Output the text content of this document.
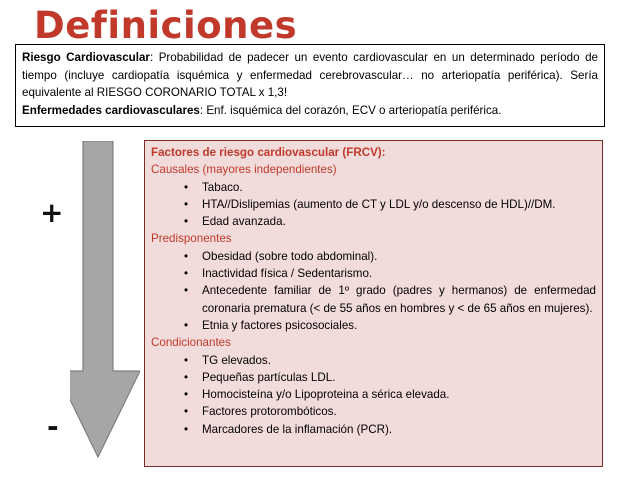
Definiciones

Riesgo Cardiovascular: Probabilidad de padecer un evento cardiovascular en un determinado período de tiempo (incluye cardiopatía isquémica y enfermedad cerebrovascular… no arteriopatía periférica). Sería equivalente al RIESGO CORONARIO TOTAL x 1,3!

Enfermedades cardiovasculares: Enf. isquémica del corazón, ECV o arteriopatía periférica.

+
-
Factores de riesgo cardiovascular (FRCV):
Causales (mayores independientes)
• Tabaco.
• HTA//Dislipemias (aumento de CT y LDL y/o descenso de HDL)//DM.
• Edad avanzada.
Predisponentes
• Obesidad (sobre todo abdominal).
• Inactividad física / Sedentarismo.
• Antecedente familiar de 1º grado (padres y hermanos) de enfermedad coronaria prematura (< de 55 años en hombres y < de 65 años en mujeres).
• Etnia y factores psicosociales.
Condicionantes
• TG elevados.
• Pequeñas partículas LDL.
• Homocisteína y/o Lipoproteina a sérica elevada.
• Factores protorombóticos.
• Marcadores de la inflamación (PCR).
